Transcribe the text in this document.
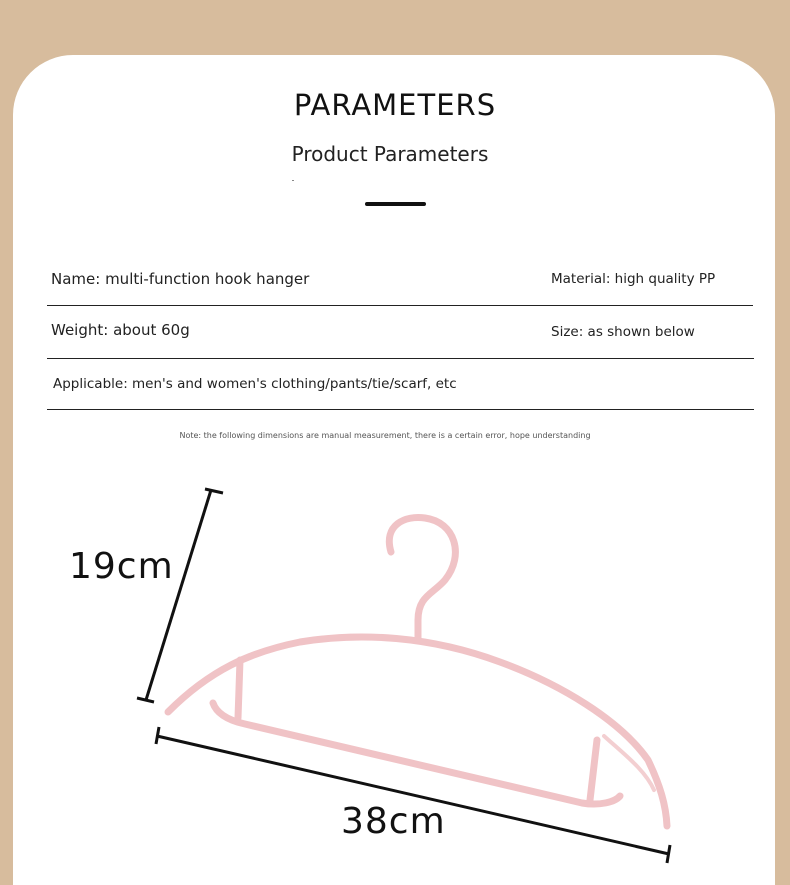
PARAMETERS
Product Parameters
Name: multi-function hook hanger	Material: high quality PP
Weight: about 60g	Size: as shown below
Applicable: men's and women's clothing/pants/tie/scarf, etc
Note: the following dimensions are manual measurement, there is a certain error, hope understanding
19cm
38cm
